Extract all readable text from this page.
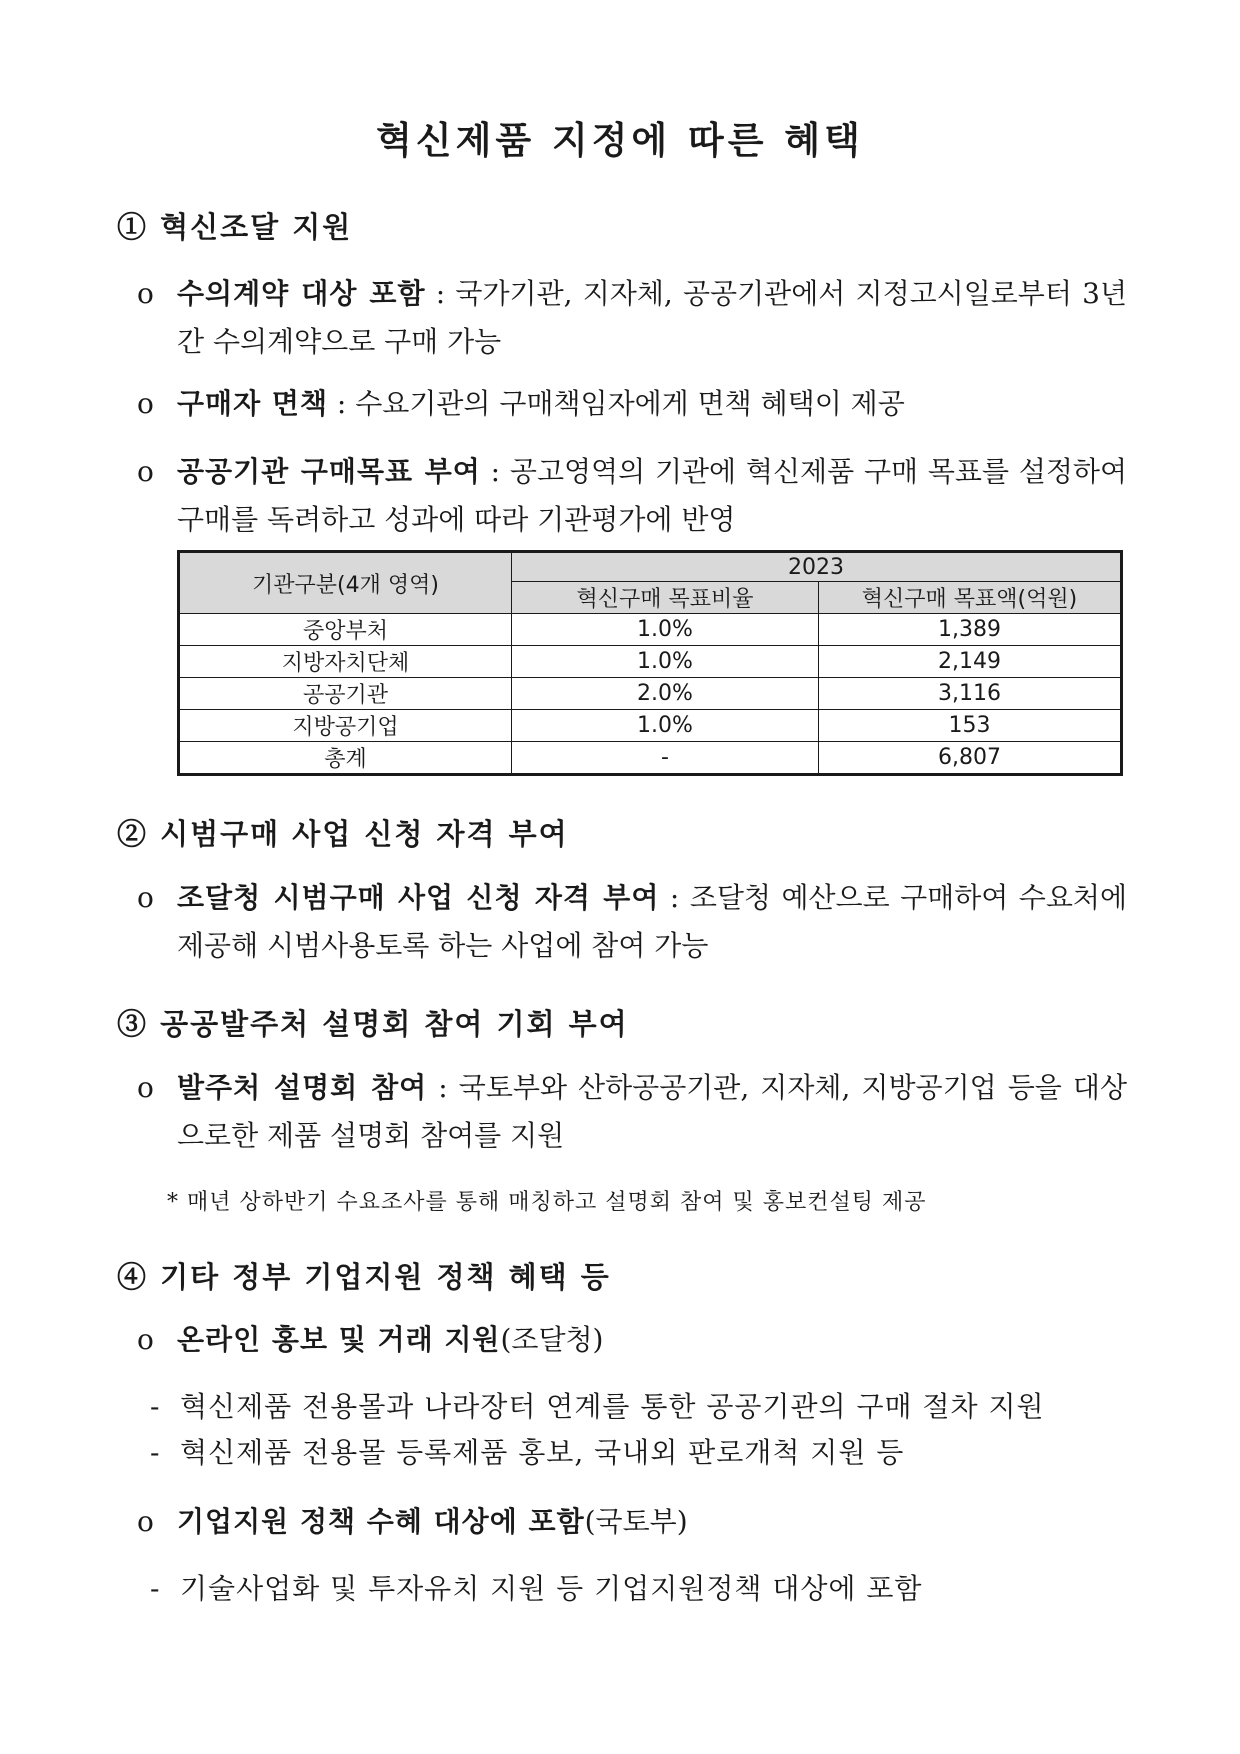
혁신제품 지정에 따른 혜택
① 혁신조달 지원
o 수의계약 대상 포함 : 국가기관, 지자체, 공공기관에서 지정고시일로부터 3년간 수의계약으로 구매 가능
o 구매자 면책 : 수요기관의 구매책임자에게 면책 혜택이 제공
o 공공기관 구매목표 부여 : 공고영역의 기관에 혁신제품 구매 목표를 설정하여 구매를 독려하고 성과에 따라 기관평가에 반영
기관구분(4개 영역)	2023	
	혁신구매 목표비율	혁신구매 목표액(억원)
중앙부처	1.0%	1,389
지방자치단체	1.0%	2,149
공공기관	2.0%	3,116
지방공기업	1.0%	153
총계	-	6,807
② 시범구매 사업 신청 자격 부여
o 조달청 시범구매 사업 신청 자격 부여 : 조달청 예산으로 구매하여 수요처에 제공해 시범사용토록 하는 사업에 참여 가능
③ 공공발주처 설명회 참여 기회 부여
o 발주처 설명회 참여 : 국토부와 산하공공기관, 지자체, 지방공기업 등을 대상으로한 제품 설명회 참여를 지원
* 매년 상하반기 수요조사를 통해 매칭하고 설명회 참여 및 홍보컨설팅 제공
④ 기타 정부 기업지원 정책 혜택 등
o 온라인 홍보 및 거래 지원(조달청)
- 혁신제품 전용몰과 나라장터 연계를 통한 공공기관의 구매 절차 지원
- 혁신제품 전용몰 등록제품 홍보, 국내외 판로개척 지원 등
o 기업지원 정책 수혜 대상에 포함(국토부)
- 기술사업화 및 투자유치 지원 등 기업지원정책 대상에 포함
